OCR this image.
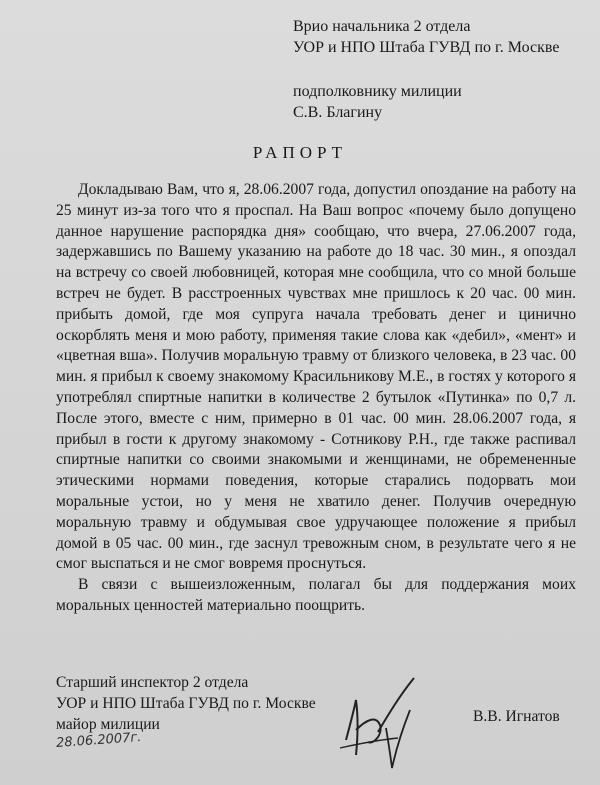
Врио начальника 2 отдела
УОР и НПО Штаба ГУВД по г. Москве
подполковнику милиции
С.В. Благину
РАПОРТ

Докладываю Вам, что я, 28.06.2007 года, допустил опоздание на работу на 25 минут из-за того что я проспал. На Ваш вопрос «почему было допущено данное нарушение распорядка дня» сообщаю, что вчера, 27.06.2007 года, задержавшись по Вашему указанию на работе до 18 час. 30 мин., я опоздал на встречу со своей любовницей, которая мне сообщила, что со мной больше встреч не будет. В расстроенных чувствах мне пришлось к 20 час. 00 мин. прибыть домой, где моя супруга начала требовать денег и цинично оскорблять меня и мою работу, применяя такие слова как «дебил», «мент» и «цветная вша». Получив моральную травму от близкого человека, в 23 час. 00 мин. я прибыл к своему знакомому Красильникову М.Е., в гостях у которого я употреблял спиртные напитки в количестве 2 бутылок «Путинка» по 0,7 л. После этого, вместе с ним, примерно в 01 час. 00 мин. 28.06.2007 года, я прибыл в гости к другому знакомому - Сотникову Р.Н., где также распивал спиртные напитки со своими знакомыми и женщинами, не обремененные этическими нормами поведения, которые старались подорвать мои моральные устои, но у меня не хватило денег. Получив очередную моральную травму и обдумывая свое удручающее положение я прибыл домой в 05 час. 00 мин., где заснул тревожным сном, в результате чего я не смог выспаться и не смог вовремя проснуться.

В связи с вышеизложенным, полагал бы для поддержания моих моральных ценностей материально поощрить.

Старший инспектор 2 отдела
УОР и НПО Штаба ГУВД по г. Москве
майор милиции
28.06.2007г.
В.В. Игнатов
